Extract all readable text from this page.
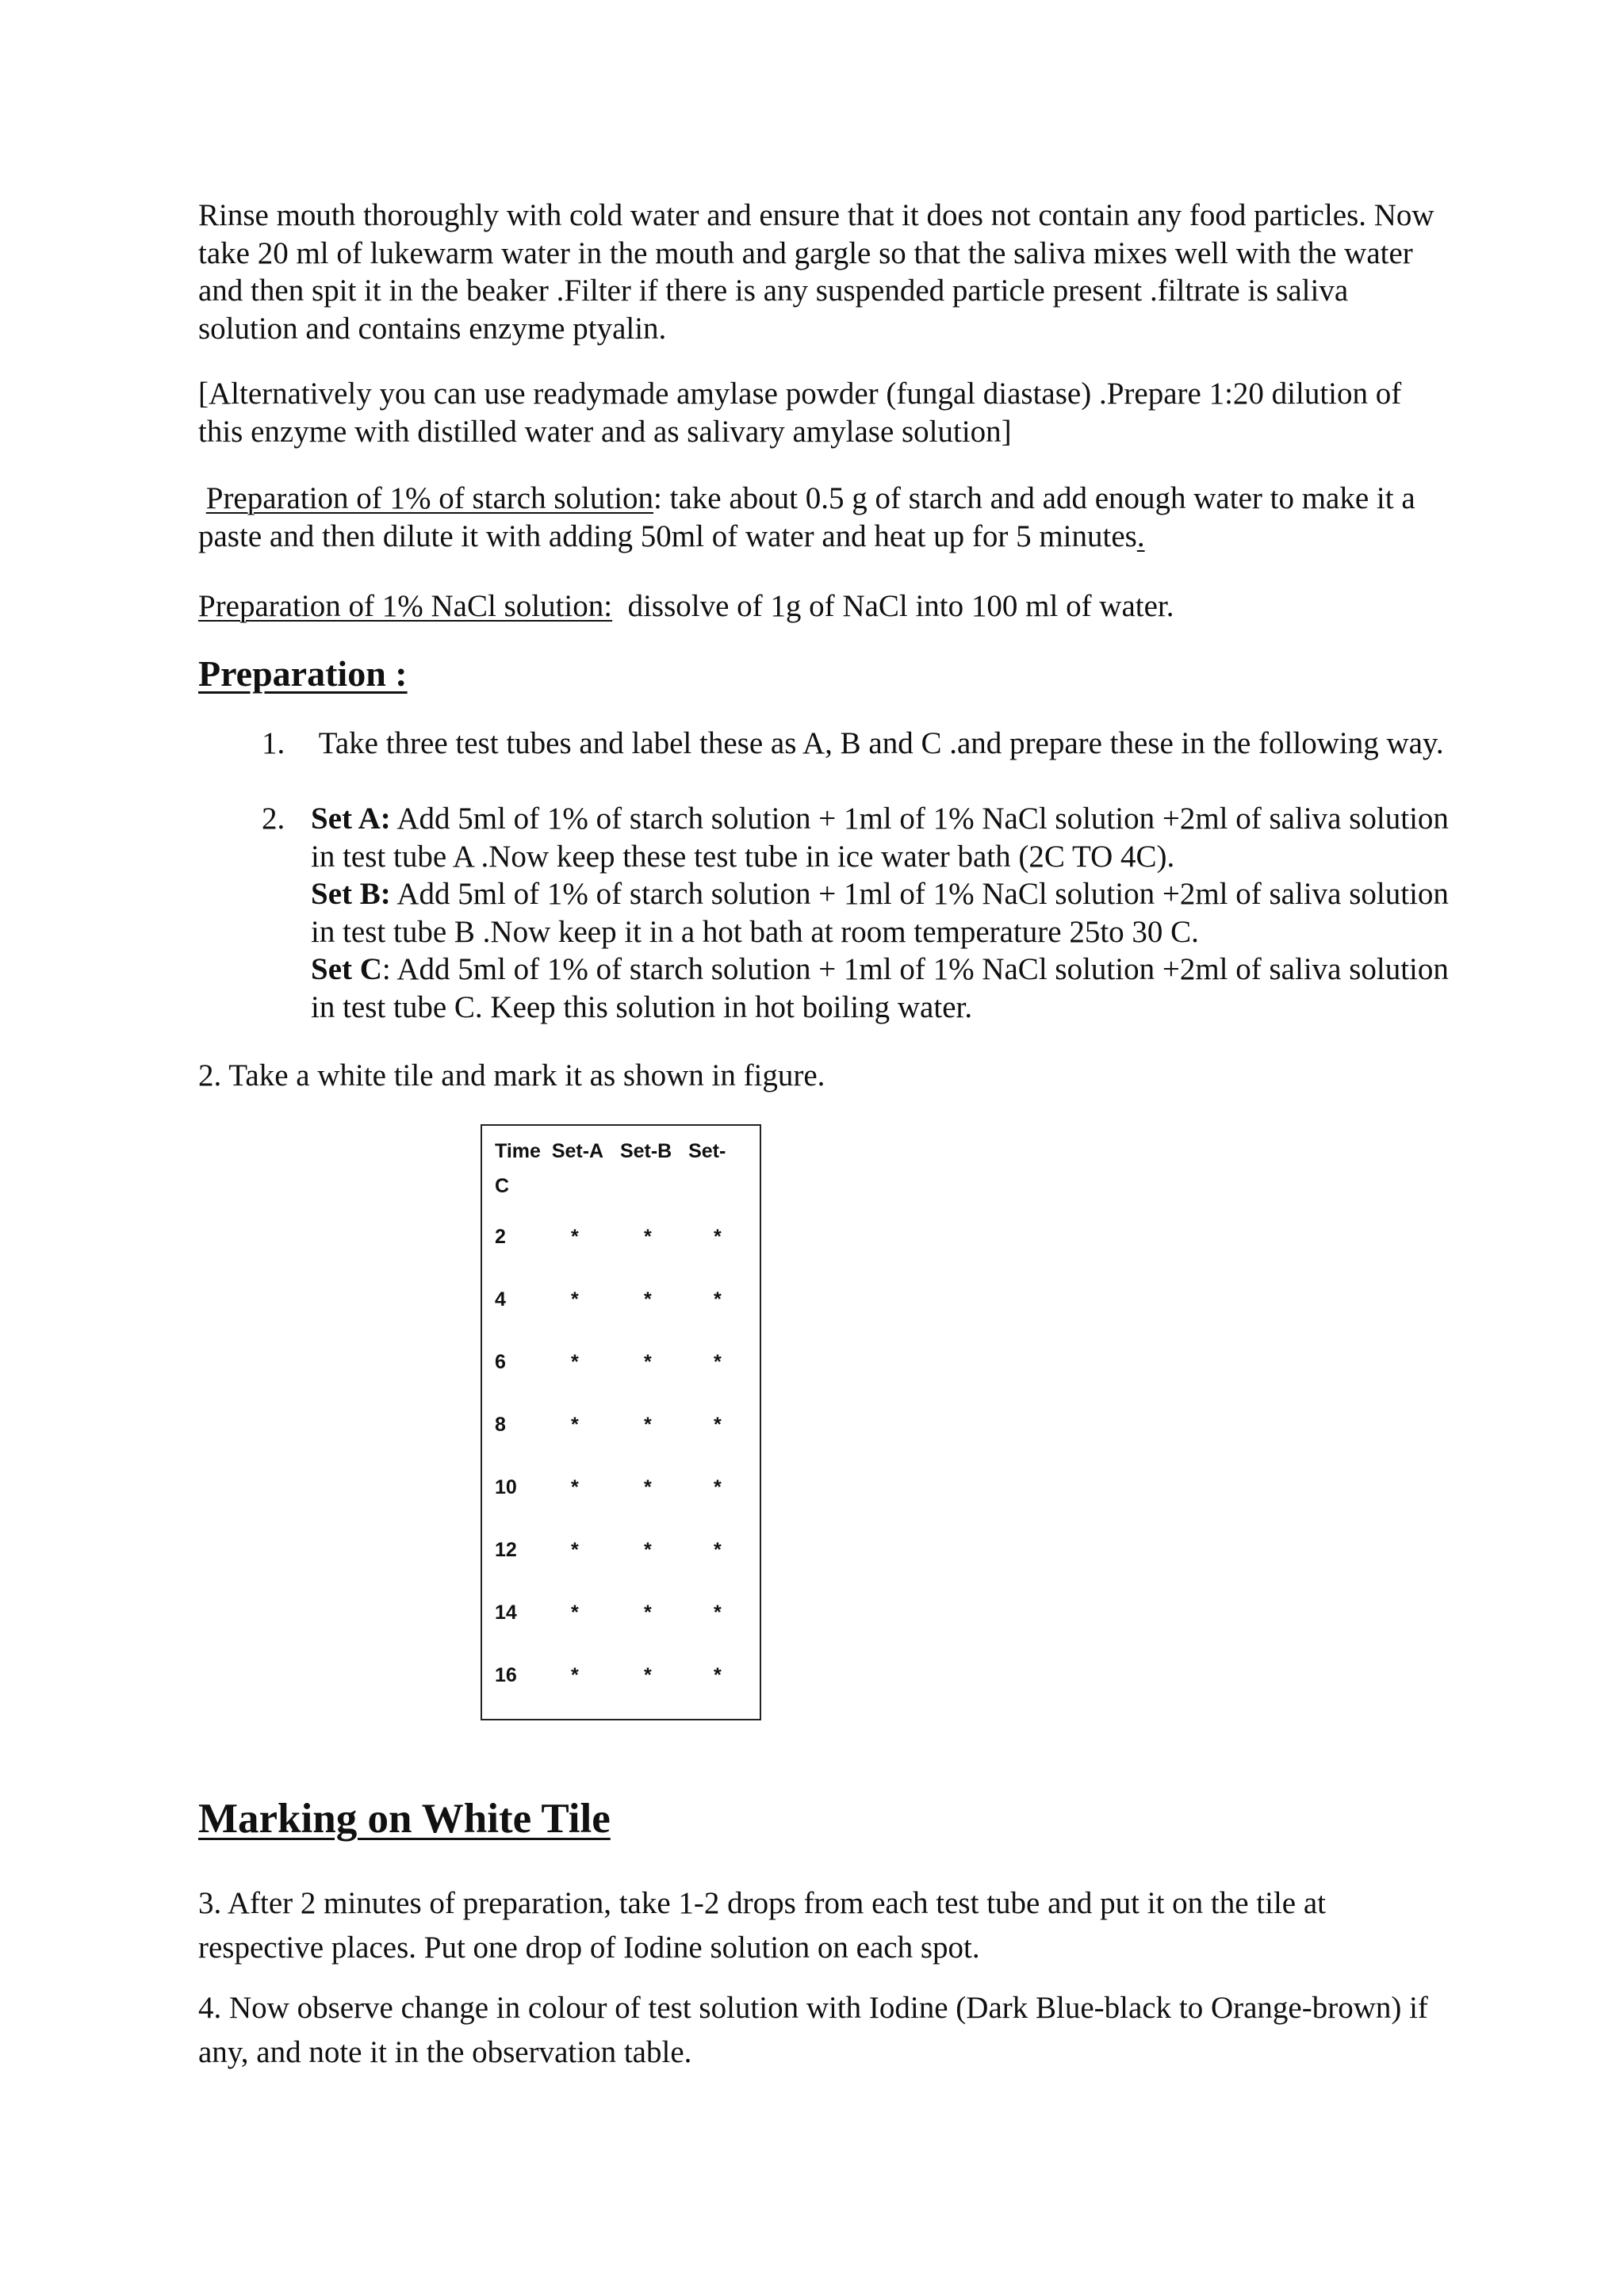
Rinse mouth thoroughly with cold water and ensure that it does not contain any food particles. Now take 20 ml of lukewarm water in the mouth and gargle so that the saliva mixes well with the water and then spit it in the beaker .Filter if there is any suspended particle present .filtrate is saliva solution and contains enzyme ptyalin.

[Alternatively you can use readymade amylase powder (fungal diastase) .Prepare 1:20 dilution of this enzyme with distilled water and as salivary amylase solution]

Preparation of 1% of starch solution: take about 0.5 g of starch and add enough water to make it a paste and then dilute it with adding 50ml of water and heat up for 5 minutes.

Preparation of 1% NaCl solution:  dissolve of 1g of NaCl into 100 ml of water.

Preparation :
1. Take three test tubes and label these as A, B and C .and prepare these in the following way.
2. Set A: Add 5ml of 1% of starch solution + 1ml of 1% NaCl solution +2ml of saliva solution in test tube A .Now keep these test tube in ice water bath (2C TO 4C).
Set B: Add 5ml of 1% of starch solution + 1ml of 1% NaCl solution +2ml of saliva solution in test tube B .Now keep it in a hot bath at room temperature 25to 30 C.
Set C: Add 5ml of 1% of starch solution + 1ml of 1% NaCl solution +2ml of saliva solution in test tube C. Keep this solution in hot boiling water.

2. Take a white tile and mark it as shown in figure.

Time Set-A Set-B Set-
C
2	*	*	*
4	*	*	*
6	*	*	*
8	*	*	*
10	*	*	*
12	*	*	*
14	*	*	*
16	*	*	*
Marking on White Tile

3. After 2 minutes of preparation, take 1-2 drops from each test tube and put it on the tile at respective places. Put one drop of Iodine solution on each spot.

4. Now observe change in colour of test solution with Iodine (Dark Blue-black to Orange-brown) if any, and note it in the observation table.
